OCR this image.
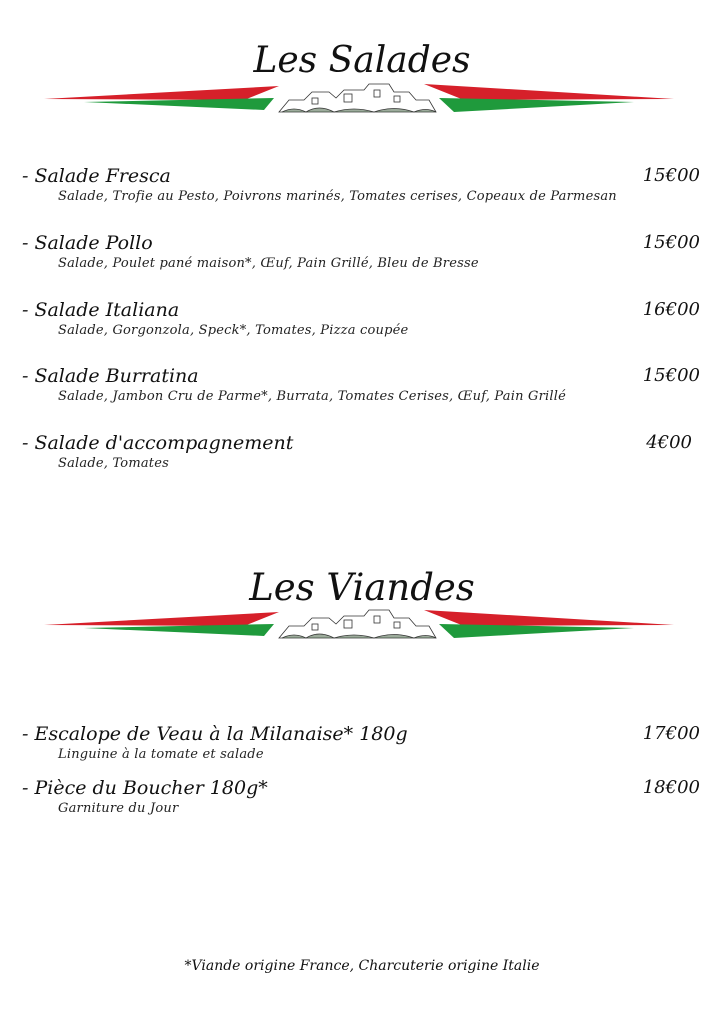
Les Salades
- Salade Fresca	15€00
Salade, Trofie au Pesto, Poivrons marinés, Tomates cerises, Copeaux de Parmesan
- Salade Pollo	15€00
Salade, Poulet pané maison*, Œuf, Pain Grillé, Bleu de Bresse
- Salade Italiana	16€00
Salade, Gorgonzola, Speck*, Tomates, Pizza coupée
- Salade Burratina	15€00
Salade, Jambon Cru de Parme*, Burrata, Tomates Cerises, Œuf, Pain Grillé
- Salade d'accompagnement	4€00
Salade, Tomates
Les Viandes
- Escalope de Veau à la Milanaise* 180g	17€00
Linguine à la tomate et salade
- Pièce du Boucher 180g*	18€00
Garniture du Jour
*Viande origine France, Charcuterie origine Italie
